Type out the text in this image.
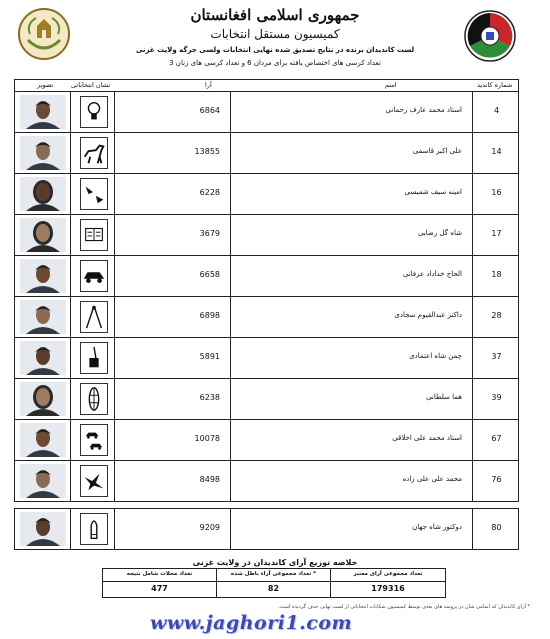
جمهوری اسلامی افغانستان
کمیسیون مستقل انتخابات
لست کاندیدان برنده در نتایج تصدیق شده نهایی انتخابات ولسی جرگه ولایت غزنی
تعداد کرسی های اختصاص یافته برای مردان 6 و تعداد کرسی های زنان 3
تصویر	نشان انتخاباتی	آرا	اسم	شماره کاندید
6864	استاد محمد عارف رحمانی	4
13855	علی اکبر قاسمی	14
6228	امینه سیف شمیسی	16
3679	شاه گل رضایی	17
6658	الحاج خداداد عرفانی	18
6898	داکتر عبدالقیوم سجادی	28
5891	چمن شاه اعتمادی	37
6238	هما سلطانی	39
10078	استاد محمد علی اخلاقی	67
8498	محمد علی علی زاده	76
9209	دوکتور شاه جهان	80
خلاصه توزیع آرای کاندیدان در ولایت غزنی
تعداد محلات شامل نتیجه
477
تعداد مجموعی آراء باطل شده *
82
تعداد مجموعی آرای معتبر
179316
* آرای کاندیدان که اسامی شان در پروسه های بعدی توسط کمیسیون شکایات انتخاباتی از لست نهایی حذف گردیده است.
www.jaghori1.com
